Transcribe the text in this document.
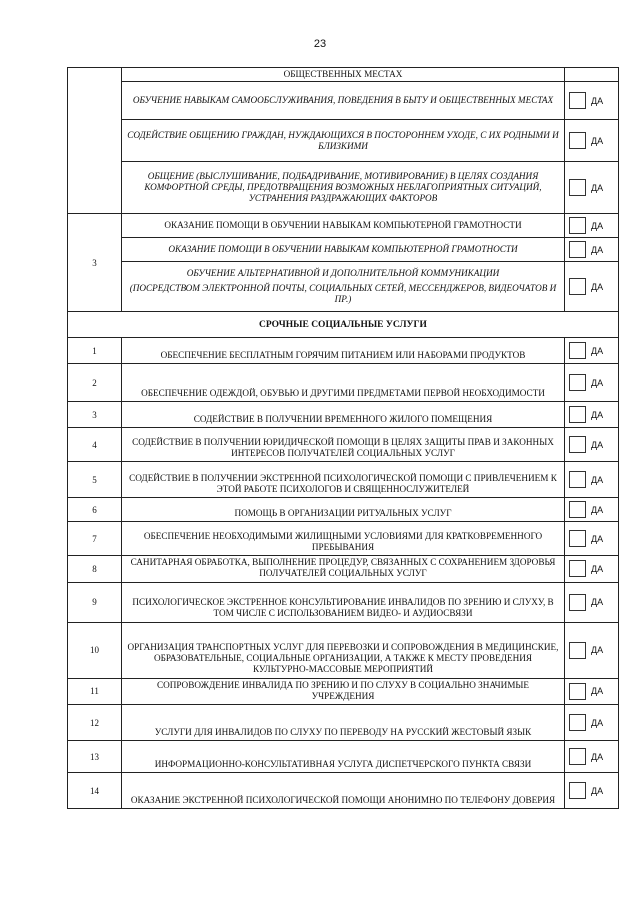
23
	ОБЩЕСТВЕННЫХ МЕСТАХ	
	ОБУЧЕНИЕ НАВЫКАМ САМООБСЛУЖИВАНИЯ, ПОВЕДЕНИЯ В БЫТУ И ОБЩЕСТВЕННЫХ МЕСТАХ	ДА

	СОДЕЙСТВИЕ ОБЩЕНИЮ ГРАЖДАН, НУЖДАЮЩИХСЯ В ПОСТОРОННЕМ УХОДЕ, С ИХ РОДНЫМИ И БЛИЗКИМИ	ДА

	ОБЩЕНИЕ (ВЫСЛУШИВАНИЕ, ПОДБАДРИВАНИЕ, МОТИВИРОВАНИЕ) В ЦЕЛЯХ СОЗДАНИЯ КОМФОРТНОЙ СРЕДЫ, ПРЕДОТВРАЩЕНИЯ ВОЗМОЖНЫХ НЕБЛАГОПРИЯТНЫХ СИТУАЦИЙ, УСТРАНЕНИЯ РАЗДРАЖАЮЩИХ ФАКТОРОВ	ДА

3	ОКАЗАНИЕ ПОМОЩИ В ОБУЧЕНИИ НАВЫКАМ КОМПЬЮТЕРНОЙ ГРАМОТНОСТИ	ДА

	ОКАЗАНИЕ ПОМОЩИ В ОБУЧЕНИИ НАВЫКАМ КОМПЬЮТЕРНОЙ ГРАМОТНОСТИ	ДА

	ОБУЧЕНИЕ АЛЬТЕРНАТИВНОЙ И ДОПОЛНИТЕЛЬНОЙ КОММУНИКАЦИИ
(ПОСРЕДСТВОМ ЭЛЕКТРОННОЙ ПОЧТЫ, СОЦИАЛЬНЫХ СЕТЕЙ, МЕССЕНДЖЕРОВ, ВИДЕОЧАТОВ И ПР.)	ДА

СРОЧНЫЕ СОЦИАЛЬНЫЕ УСЛУГИ		
1	ОБЕСПЕЧЕНИЕ БЕСПЛАТНЫМ ГОРЯЧИМ ПИТАНИЕМ ИЛИ НАБОРАМИ ПРОДУКТОВ	ДА

2	ОБЕСПЕЧЕНИЕ ОДЕЖДОЙ, ОБУВЬЮ И ДРУГИМИ ПРЕДМЕТАМИ ПЕРВОЙ НЕОБХОДИМОСТИ	ДА

3	СОДЕЙСТВИЕ В ПОЛУЧЕНИИ ВРЕМЕННОГО ЖИЛОГО ПОМЕЩЕНИЯ	ДА

4	СОДЕЙСТВИЕ В ПОЛУЧЕНИИ ЮРИДИЧЕСКОЙ ПОМОЩИ В ЦЕЛЯХ ЗАЩИТЫ ПРАВ И ЗАКОННЫХ ИНТЕРЕСОВ ПОЛУЧАТЕЛЕЙ СОЦИАЛЬНЫХ УСЛУГ	ДА

5	СОДЕЙСТВИЕ В ПОЛУЧЕНИИ ЭКСТРЕННОЙ ПСИХОЛОГИЧЕСКОЙ ПОМОЩИ С ПРИВЛЕЧЕНИЕМ К ЭТОЙ РАБОТЕ ПСИХОЛОГОВ И СВЯЩЕННОСЛУЖИТЕЛЕЙ	ДА

6	ПОМОЩЬ В ОРГАНИЗАЦИИ РИТУАЛЬНЫХ УСЛУГ	ДА

7	ОБЕСПЕЧЕНИЕ НЕОБХОДИМЫМИ ЖИЛИЩНЫМИ УСЛОВИЯМИ ДЛЯ КРАТКОВРЕМЕННОГО ПРЕБЫВАНИЯ	ДА

8	САНИТАРНАЯ ОБРАБОТКА, ВЫПОЛНЕНИЕ ПРОЦЕДУР, СВЯЗАННЫХ С СОХРАНЕНИЕМ ЗДОРОВЬЯ ПОЛУЧАТЕЛЕЙ СОЦИАЛЬНЫХ УСЛУГ	ДА

9	ПСИХОЛОГИЧЕСКОЕ ЭКСТРЕННОЕ КОНСУЛЬТИРОВАНИЕ ИНВАЛИДОВ ПО ЗРЕНИЮ И СЛУХУ, В ТОМ ЧИСЛЕ С ИСПОЛЬЗОВАНИЕМ ВИДЕО- И АУДИОСВЯЗИ	ДА

10	ОРГАНИЗАЦИЯ ТРАНСПОРТНЫХ УСЛУГ ДЛЯ ПЕРЕВОЗКИ И СОПРОВОЖДЕНИЯ В МЕДИЦИНСКИЕ, ОБРАЗОВАТЕЛЬНЫЕ, СОЦИАЛЬНЫЕ ОРГАНИЗАЦИИ, А ТАКЖЕ К МЕСТУ ПРОВЕДЕНИЯ КУЛЬТУРНО-МАССОВЫЕ МЕРОПРИЯТИЙ	ДА

11	СОПРОВОЖДЕНИЕ ИНВАЛИДА ПО ЗРЕНИЮ И ПО СЛУХУ В СОЦИАЛЬНО ЗНАЧИМЫЕ УЧРЕЖДЕНИЯ	ДА

12	УСЛУГИ ДЛЯ ИНВАЛИДОВ ПО СЛУХУ ПО ПЕРЕВОДУ НА РУССКИЙ ЖЕСТОВЫЙ ЯЗЫК	ДА

13	ИНФОРМАЦИОННО-КОНСУЛЬТАТИВНАЯ УСЛУГА ДИСПЕТЧЕРСКОГО ПУНКТА СВЯЗИ	ДА

14	ОКАЗАНИЕ ЭКСТРЕННОЙ ПСИХОЛОГИЧЕСКОЙ ПОМОЩИ АНОНИМНО ПО ТЕЛЕФОНУ ДОВЕРИЯ	ДА
